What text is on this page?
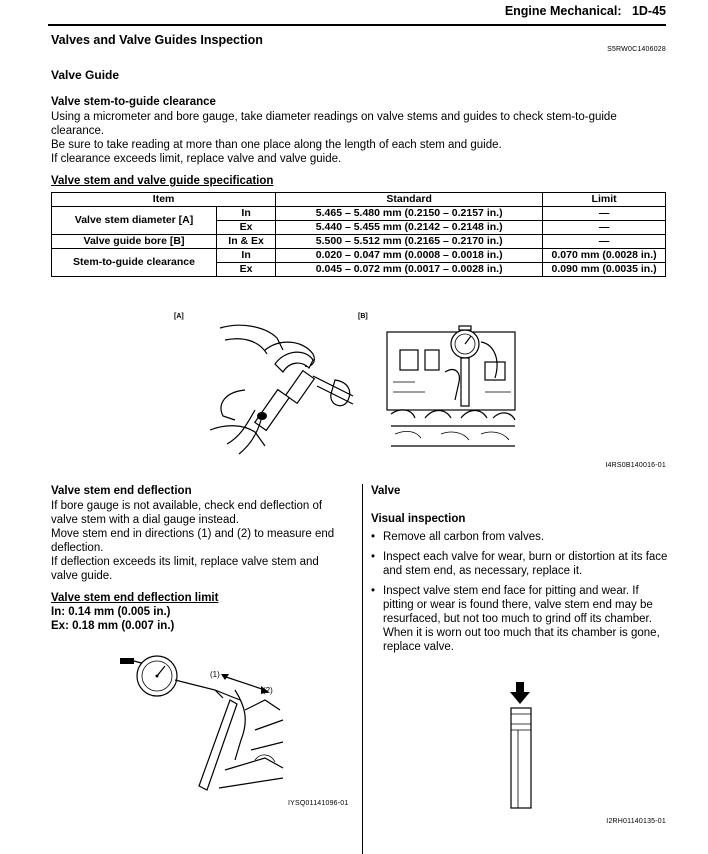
Engine Mechanical: 1D-45
Valves and Valve Guides Inspection
S5RW0C1406028
Valve Guide
Valve stem-to-guide clearance
Using a micrometer and bore gauge, take diameter readings on valve stems and guides to check stem-to-guide
clearance.
Be sure to take reading at more than one place along the length of each stem and guide.
If clearance exceeds limit, replace valve and valve guide.
Valve stem and valve guide specification
Item		Standard	Limit
Valve stem diameter [A]	In	5.465 – 5.480 mm (0.2150 – 0.2157 in.)	—
	Ex	5.440 – 5.455 mm (0.2142 – 0.2148 in.)	—
Valve guide bore [B]	In & Ex	5.500 – 5.512 mm (0.2165 – 0.2170 in.)	—
Stem-to-guide clearance	In	0.020 – 0.047 mm (0.0008 – 0.0018 in.)	0.070 mm (0.0028 in.)
	Ex	0.045 – 0.072 mm (0.0017 – 0.0028 in.)	0.090 mm (0.0035 in.)
[A]	[B]
I4RS0B140016-01
Valve stem end deflection
If bore gauge is not available, check end deflection of
valve stem with a dial gauge instead.
Move stem end in directions (1) and (2) to measure end
deflection.
If deflection exceeds its limit, replace valve stem and
valve guide.
Valve stem end deflection limit
In: 0.14 mm (0.005 in.)
Ex: 0.18 mm (0.007 in.)
(1)
(2)
IYSQ01141096-01
Valve
Visual inspection
• Remove all carbon from valves.
• Inspect each valve for wear, burn or distortion at its face and stem end, as necessary, replace it.
• Inspect valve stem end face for pitting and wear. If pitting or wear is found there, valve stem end may be resurfaced, but not too much to grind off its chamber. When it is worn out too much that its chamber is gone, replace valve.
I2RH01140135-01
